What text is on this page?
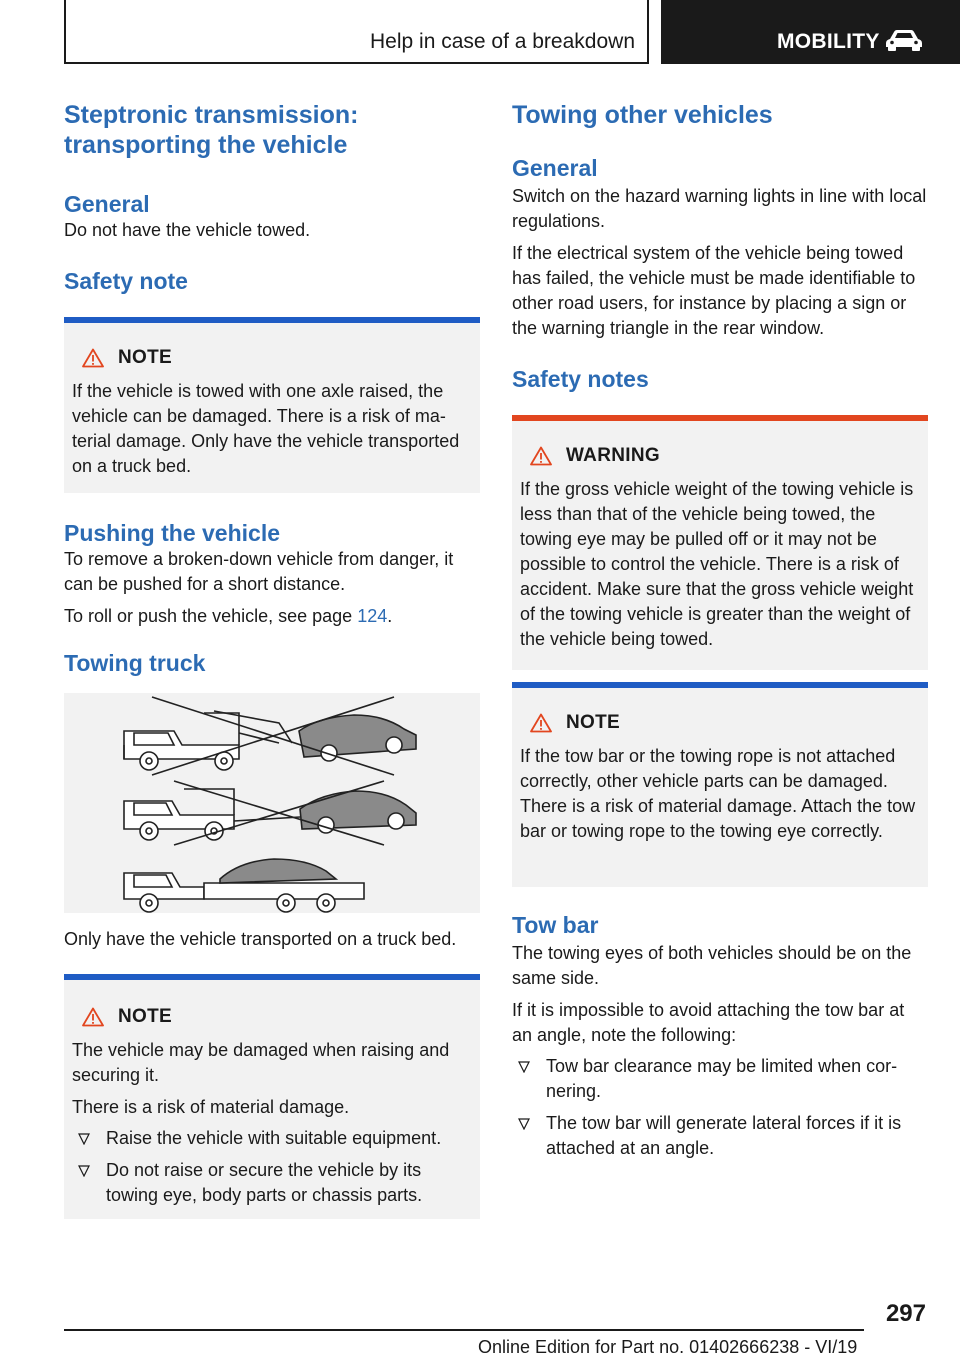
Help in case of a breakdown	MOBILITY
Steptronic transmission: transporting the vehicle
General

Do not have the vehicle towed.

Safety note
NOTE

If the vehicle is towed with one axle raised, the vehicle can be damaged. There is a risk of material damage. Only have the vehicle transported on a truck bed.

Pushing the vehicle

To remove a broken-down vehicle from danger, it can be pushed for a short distance.

To roll or push the vehicle, see page 124.

Towing truck

Only have the vehicle transported on a truck bed.

NOTE

The vehicle may be damaged when raising and securing it.

There is a risk of material damage.

Raise the vehicle with suitable equipment.
Do not raise or secure the vehicle by its towing eye, body parts or chassis parts.
Towing other vehicles
General

Switch on the hazard warning lights in line with local regulations.

If the electrical system of the vehicle being towed has failed, the vehicle must be made identifiable to other road users, for instance by placing a sign or the warning triangle in the rear window.

Safety notes
WARNING

If the gross vehicle weight of the towing vehicle is less than that of the vehicle being towed, the towing eye may be pulled off or it may not be possible to control the vehicle. There is a risk of accident. Make sure that the gross vehicle weight of the towing vehicle is greater than the weight of the vehicle being towed.

NOTE

If the tow bar or the towing rope is not attached correctly, other vehicle parts can be damaged. There is a risk of material damage. Attach the tow bar or towing rope to the towing eye correctly.

Tow bar

The towing eyes of both vehicles should be on the same side.

If it is impossible to avoid attaching the tow bar at an angle, note the following:

Tow bar clearance may be limited when cornering.
The tow bar will generate lateral forces if it is attached at an angle.
297
Online Edition for Part no. 01402666238 - VI/19
